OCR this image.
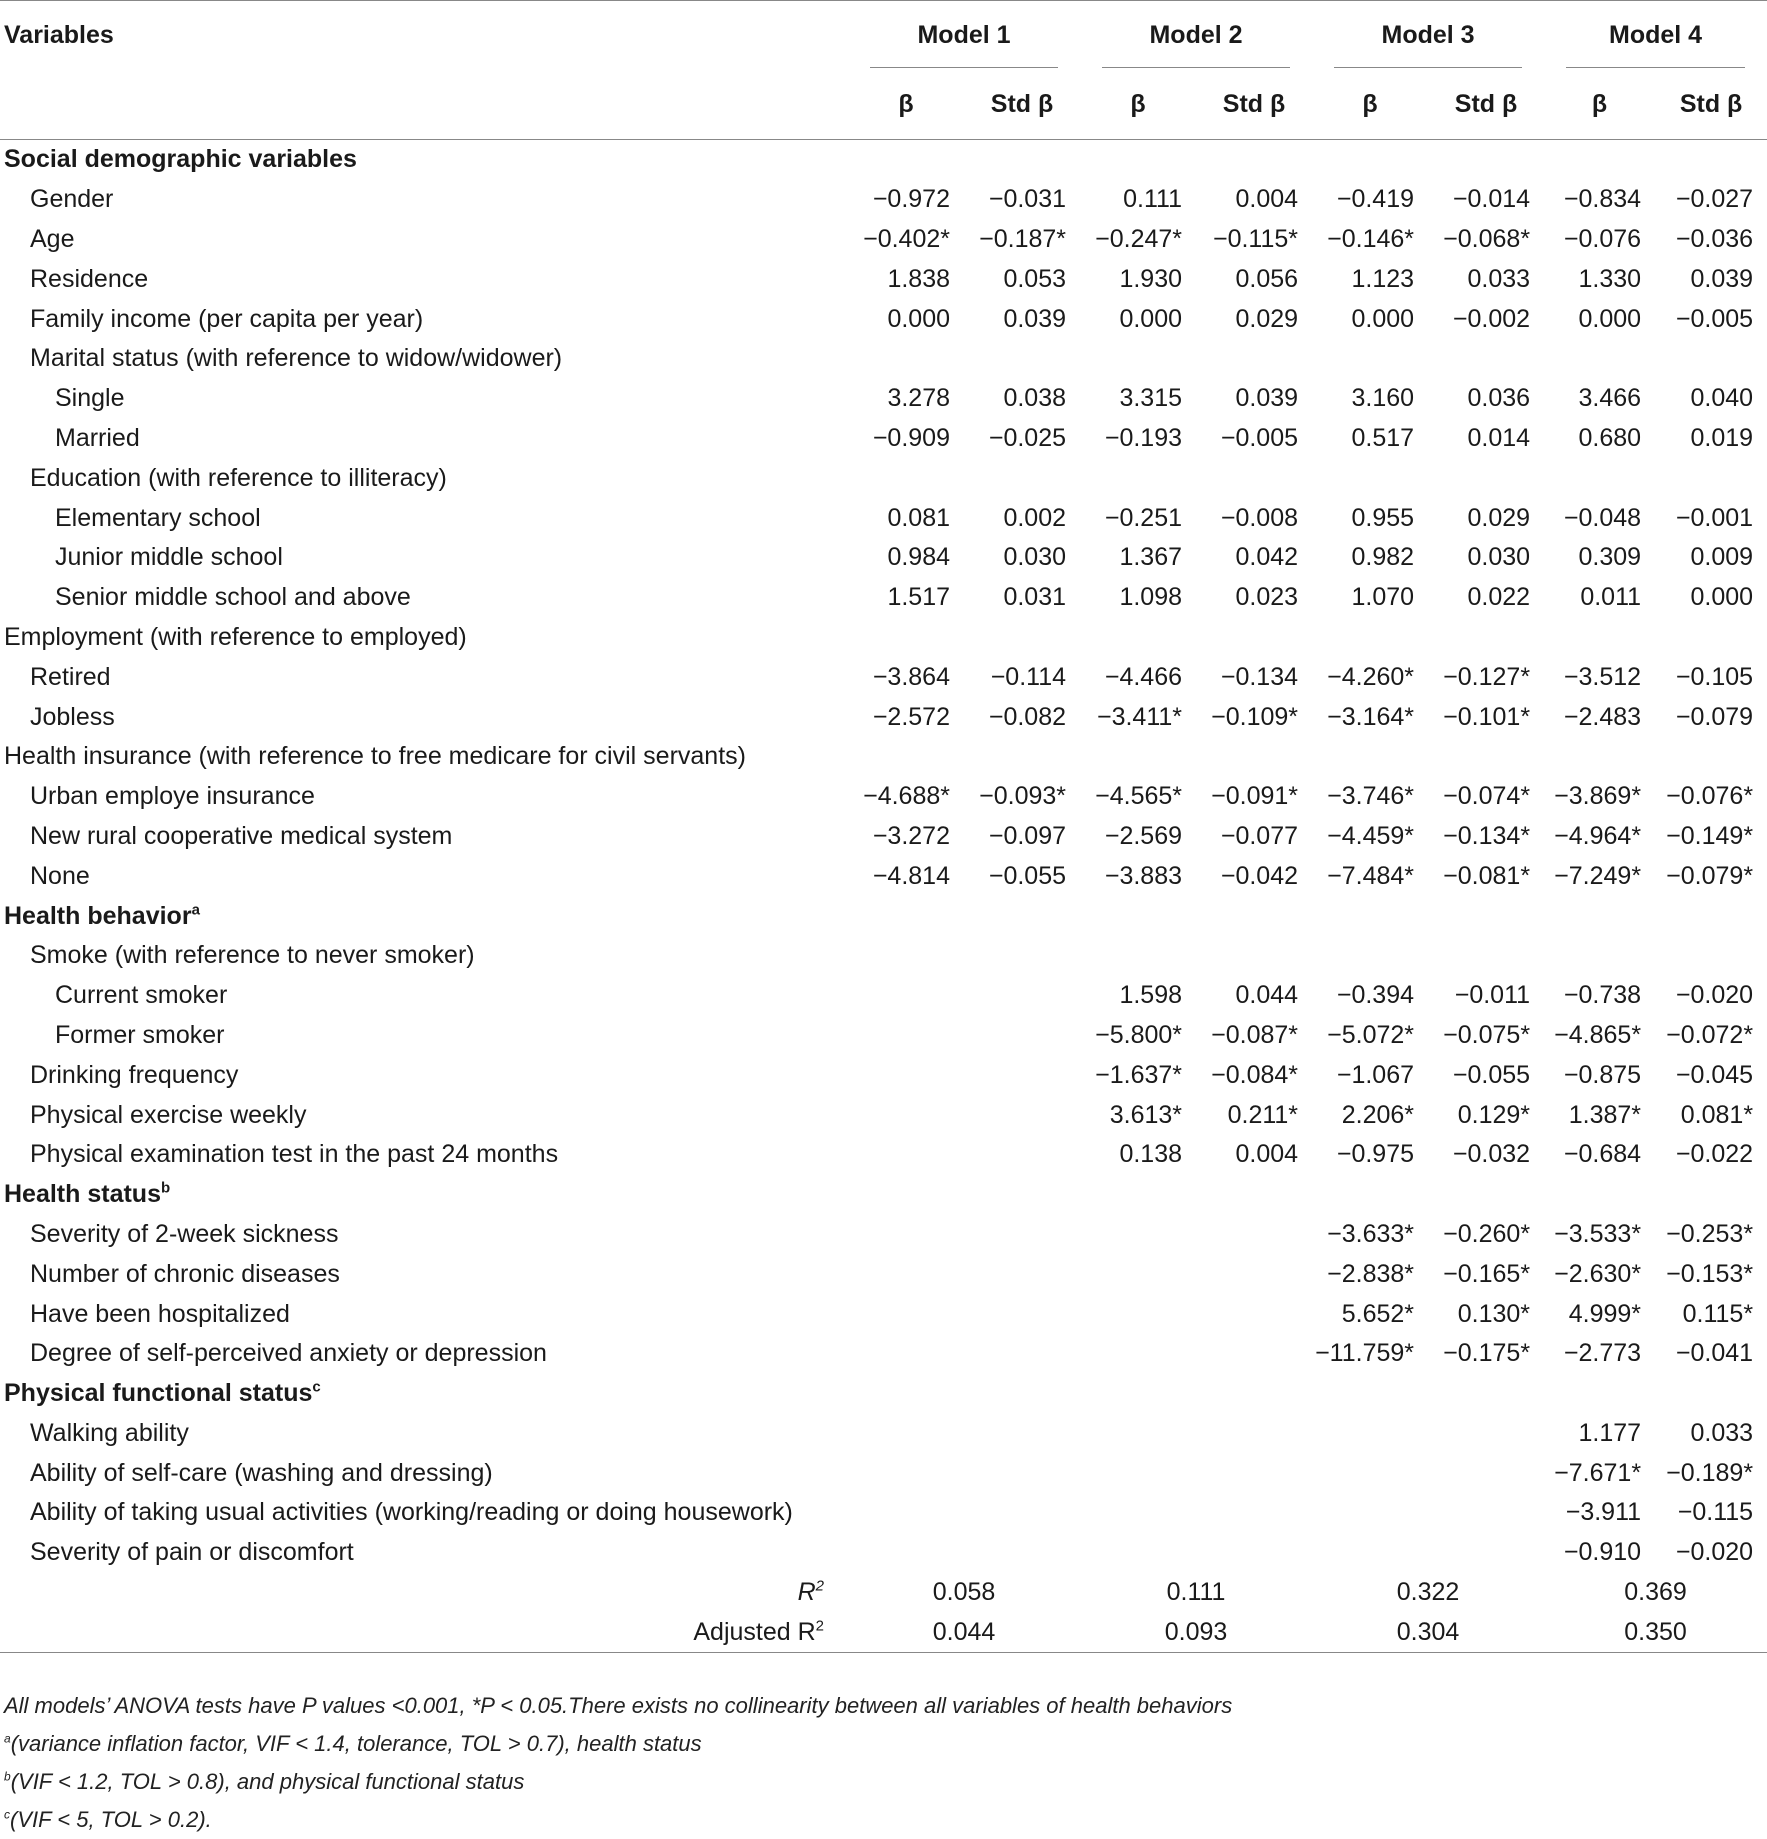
Variables	Model 1		Model 2		Model 3		Model 4	

	β	Std β	β	Std β	β	Std β	β	Std β
Social demographic variables								
Gender	−0.972	−0.031	0.111	0.004	−0.419	−0.014	−0.834	−0.027
Age	−0.402*	−0.187*	−0.247*	−0.115*	−0.146*	−0.068*	−0.076	−0.036
Residence	1.838	0.053	1.930	0.056	1.123	0.033	1.330	0.039
Family income (per capita per year)	0.000	0.039	0.000	0.029	0.000	−0.002	0.000	−0.005
Marital status (with reference to widow/widower)								
Single	3.278	0.038	3.315	0.039	3.160	0.036	3.466	0.040
Married	−0.909	−0.025	−0.193	−0.005	0.517	0.014	0.680	0.019
Education (with reference to illiteracy)								
Elementary school	0.081	0.002	−0.251	−0.008	0.955	0.029	−0.048	−0.001
Junior middle school	0.984	0.030	1.367	0.042	0.982	0.030	0.309	0.009
Senior middle school and above	1.517	0.031	1.098	0.023	1.070	0.022	0.011	0.000
Employment (with reference to employed)								
Retired	−3.864	−0.114	−4.466	−0.134	−4.260*	−0.127*	−3.512	−0.105
Jobless	−2.572	−0.082	−3.411*	−0.109*	−3.164*	−0.101*	−2.483	−0.079
Health insurance (with reference to free medicare for civil servants)								
Urban employe insurance	−4.688*	−0.093*	−4.565*	−0.091*	−3.746*	−0.074*	−3.869*	−0.076*
New rural cooperative medical system	−3.272	−0.097	−2.569	−0.077	−4.459*	−0.134*	−4.964*	−0.149*
None	−4.814	−0.055	−3.883	−0.042	−7.484*	−0.081*	−7.249*	−0.079*
Health behavior$^a$								
Smoke (with reference to never smoker)								
Current smoker			1.598	0.044	−0.394	−0.011	−0.738	−0.020
Former smoker			−5.800*	−0.087*	−5.072*	−0.075*	−4.865*	−0.072*
Drinking frequency			−1.637*	−0.084*	−1.067	−0.055	−0.875	−0.045
Physical exercise weekly			3.613*	0.211*	2.206*	0.129*	1.387*	0.081*
Physical examination test in the past 24 months			0.138	0.004	−0.975	−0.032	−0.684	−0.022
Health status$^b$								
Severity of 2-week sickness					−3.633*	−0.260*	−3.533*	−0.253*
Number of chronic diseases					−2.838*	−0.165*	−2.630*	−0.153*
Have been hospitalized					5.652*	0.130*	4.999*	0.115*
Degree of self-perceived anxiety or depression					−11.759*	−0.175*	−2.773	−0.041
Physical functional status$^c$								
Walking ability							1.177	0.033
Ability of self-care (washing and dressing)							−7.671*	−0.189*
Ability of taking usual activities (working/reading or doing housework)							−3.911	−0.115
Severity of pain or discomfort							−0.910	−0.020
$R^2$	0.058		0.111		0.322		0.369	
Adjusted $R^2$	0.044		0.093		0.304		0.350	
All models’ ANOVA tests have P values <0.001, *P < 0.05.There exists no collinearity between all variables of health behaviors
$^a$(variance inflation factor, VIF < 1.4, tolerance, TOL > 0.7), health status
$^b$(VIF < 1.2, TOL > 0.8), and physical functional status
$^c$(VIF < 5, TOL > 0.2).
